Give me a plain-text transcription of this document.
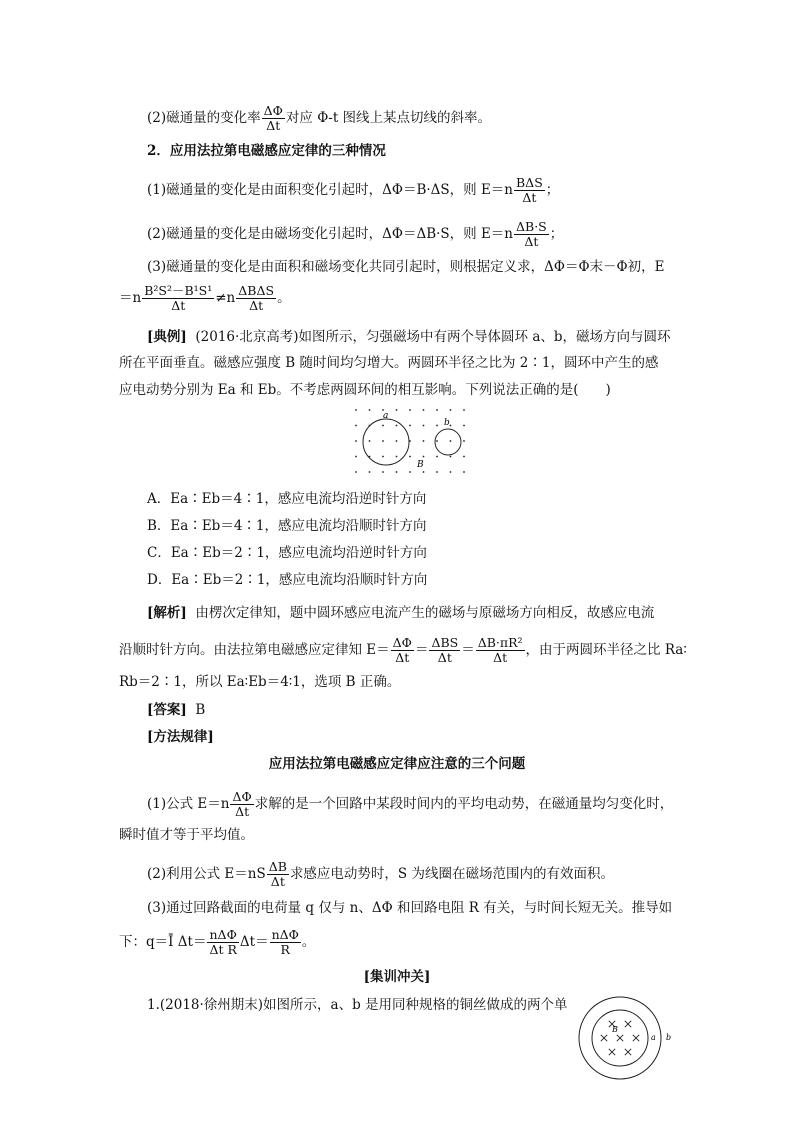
(2)磁通量的变化率 $\frac{\Delta\Phi}{\Delta t}$ 对应 Φ-t 图线上某点切线的斜率。
2．应用法拉第电磁感应定律的三种情况
(1)磁通量的变化是由面积变化引起时，ΔΦ＝B·ΔS，则 $E=n \frac{\text{BΔS}}{\Delta t}$ ；
(2)磁通量的变化是由磁场变化引起时，ΔΦ＝ΔB·S，则 $E=n \frac{\Delta B\cdot S}{\Delta t}$ ；
(3)磁通量的变化是由面积和磁场变化共同引起时，则根据定义求，ΔΦ＝Φ末－Φ初，E
$=n \frac{\text{B²S²－B¹S¹}}{\Delta t} \ne n \frac{\text{ΔBΔS}}{\Delta t}$ 。
[典例] (2016·北京高考)如图所示，匀强磁场中有两个导体圆环 a、b，磁场方向与圆环
所在平面垂直。磁感应强度 B 随时间均匀增大。两圆环半径之比为 2∶1，圆环中产生的感
应电动势分别为 Ea 和 Eb。不考虑两圆环间的相互影响。下列说法正确的是(　　)
a
b
B
A．Ea∶Eb＝4∶1，感应电流均沿逆时针方向
B．Ea∶Eb＝4∶1，感应电流均沿顺时针方向
C．Ea∶Eb＝2∶1，感应电流均沿逆时针方向
D．Ea∶Eb＝2∶1，感应电流均沿顺时针方向
[解析] 由楞次定律知，题中圆环感应电流产生的磁场与原磁场方向相反，故感应电流
沿顺时针方向。由法拉第电磁感应定律知 $E= \frac{\Delta\Phi}{\Delta t} = \frac{\text{ΔBS}}{\Delta t} = \frac{\text{ΔB·πR²}}{\Delta t}$ ，由于两圆环半径之比 Ra∶
Rb＝2∶1，所以 Ea∶Eb＝4∶1，选项 B 正确。
[答案] B
[方法规律]
应用法拉第电磁感应定律应注意的三个问题
(1)公式 $E=n \frac{\Delta\Phi}{\Delta t}$ 求解的是一个回路中某段时间内的平均电动势，在磁通量均匀变化时，
瞬时值才等于平均值。
(2)利用公式 $E=nS \frac{\Delta B}{\Delta t}$ 求感应电动势时，S 为线圈在磁场范围内的有效面积。
(3)通过回路截面的电荷量 q 仅与 n、ΔΦ 和回路电阻 R 有关，与时间长短无关。推导如
下：q＝Ī $\Delta t= \frac{\text{nΔΦ}}{\text{Δt R}} \Delta t= \frac{\text{nΔΦ}}{R}$ 。
[集训冲关]
1.(2018·徐州期末)如图所示，a、b 是用同种规格的铜丝做成的两个单
B
a b
